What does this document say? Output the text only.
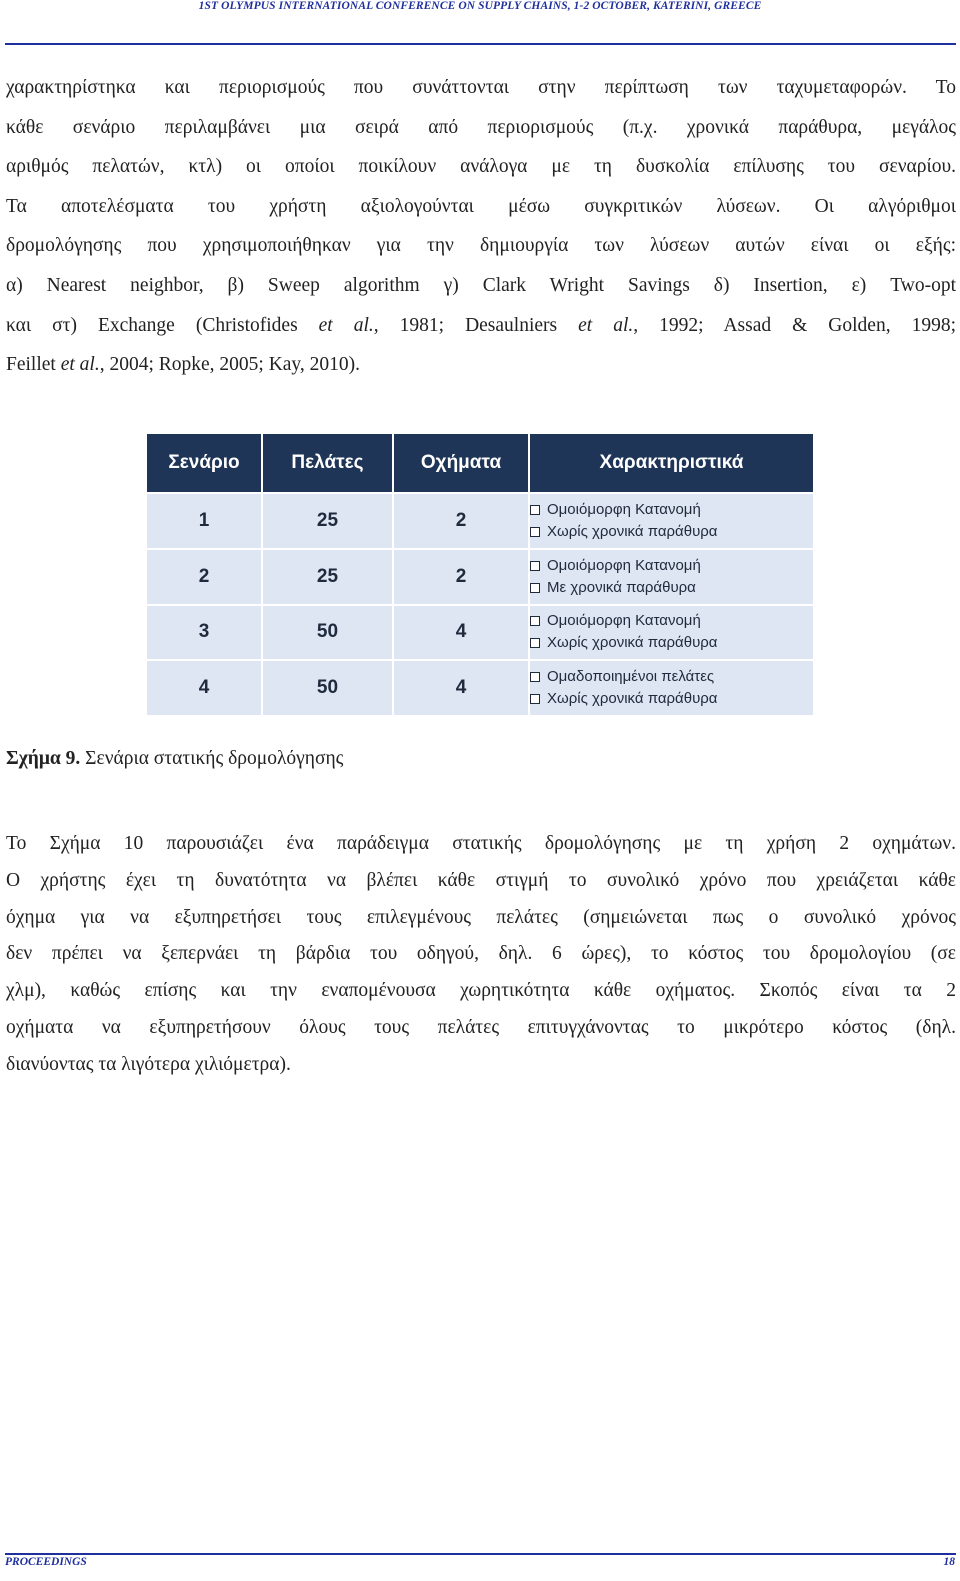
1ST OLYMPUS INTERNATIONAL CONFERENCE ON SUPPLY CHAINS, 1-2 OCTOBER, KATERINI, GREECE
χαρακτηρίστηκα και περιορισμούς που συνάττονται στην περίπτωση των ταχυμεταφορών. Το
κάθε σενάριο περιλαμβάνει μια σειρά από περιορισμούς (π.χ. χρονικά παράθυρα, μεγάλος
αριθμός πελατών, κτλ) οι οποίοι ποικίλουν ανάλογα με τη δυσκολία επίλυσης του σεναρίου.
Τα αποτελέσματα του χρήστη αξιολογούνται μέσω συγκριτικών λύσεων. Οι αλγόριθμοι
δρομολόγησης που χρησιμοποιήθηκαν για την δημιουργία των λύσεων αυτών είναι οι εξής:
α) Nearest neighbor, β) Sweep algorithm γ) Clark Wright Savings δ) Insertion, ε) Two-opt
και στ) Exchange (Christofides et al., 1981; Desaulniers et al., 1992; Assad & Golden, 1998;
Feillet et al., 2004; Ropke, 2005; Kay, 2010).
Σενάριο	Πελάτες	Οχήματα	Χαρακτηριστικά
1	25	2	Ομοιόμορφη Κατανομή
Χωρίς χρονικά παράθυρα

2	25	2	Ομοιόμορφη Κατανομή
Με χρονικά παράθυρα

3	50	4	Ομοιόμορφη Κατανομή
Χωρίς χρονικά παράθυρα

4	50	4	Ομαδοποιημένοι πελάτες
Χωρίς χρονικά παράθυρα
Σχήμα 9. Σενάρια στατικής δρομολόγησης
Το Σχήμα 10 παρουσιάζει ένα παράδειγμα στατικής δρομολόγησης με τη χρήση 2 οχημάτων.
Ο χρήστης έχει τη δυνατότητα να βλέπει κάθε στιγμή το συνολικό χρόνο που χρειάζεται κάθε
όχημα για να εξυπηρετήσει τους επιλεγμένους πελάτες (σημειώνεται πως ο συνολικό χρόνος
δεν πρέπει να ξεπερνάει τη βάρδια του οδηγού, δηλ. 6 ώρες), το κόστος του δρομολογίου (σε
χλμ), καθώς επίσης και την εναπομένουσα χωρητικότητα κάθε οχήματος. Σκοπός είναι τα 2
οχήματα να εξυπηρετήσουν όλους τους πελάτες επιτυγχάνοντας το μικρότερο κόστος (δηλ.
διανύοντας τα λιγότερα χιλιόμετρα).
PROCEEDINGS	18
